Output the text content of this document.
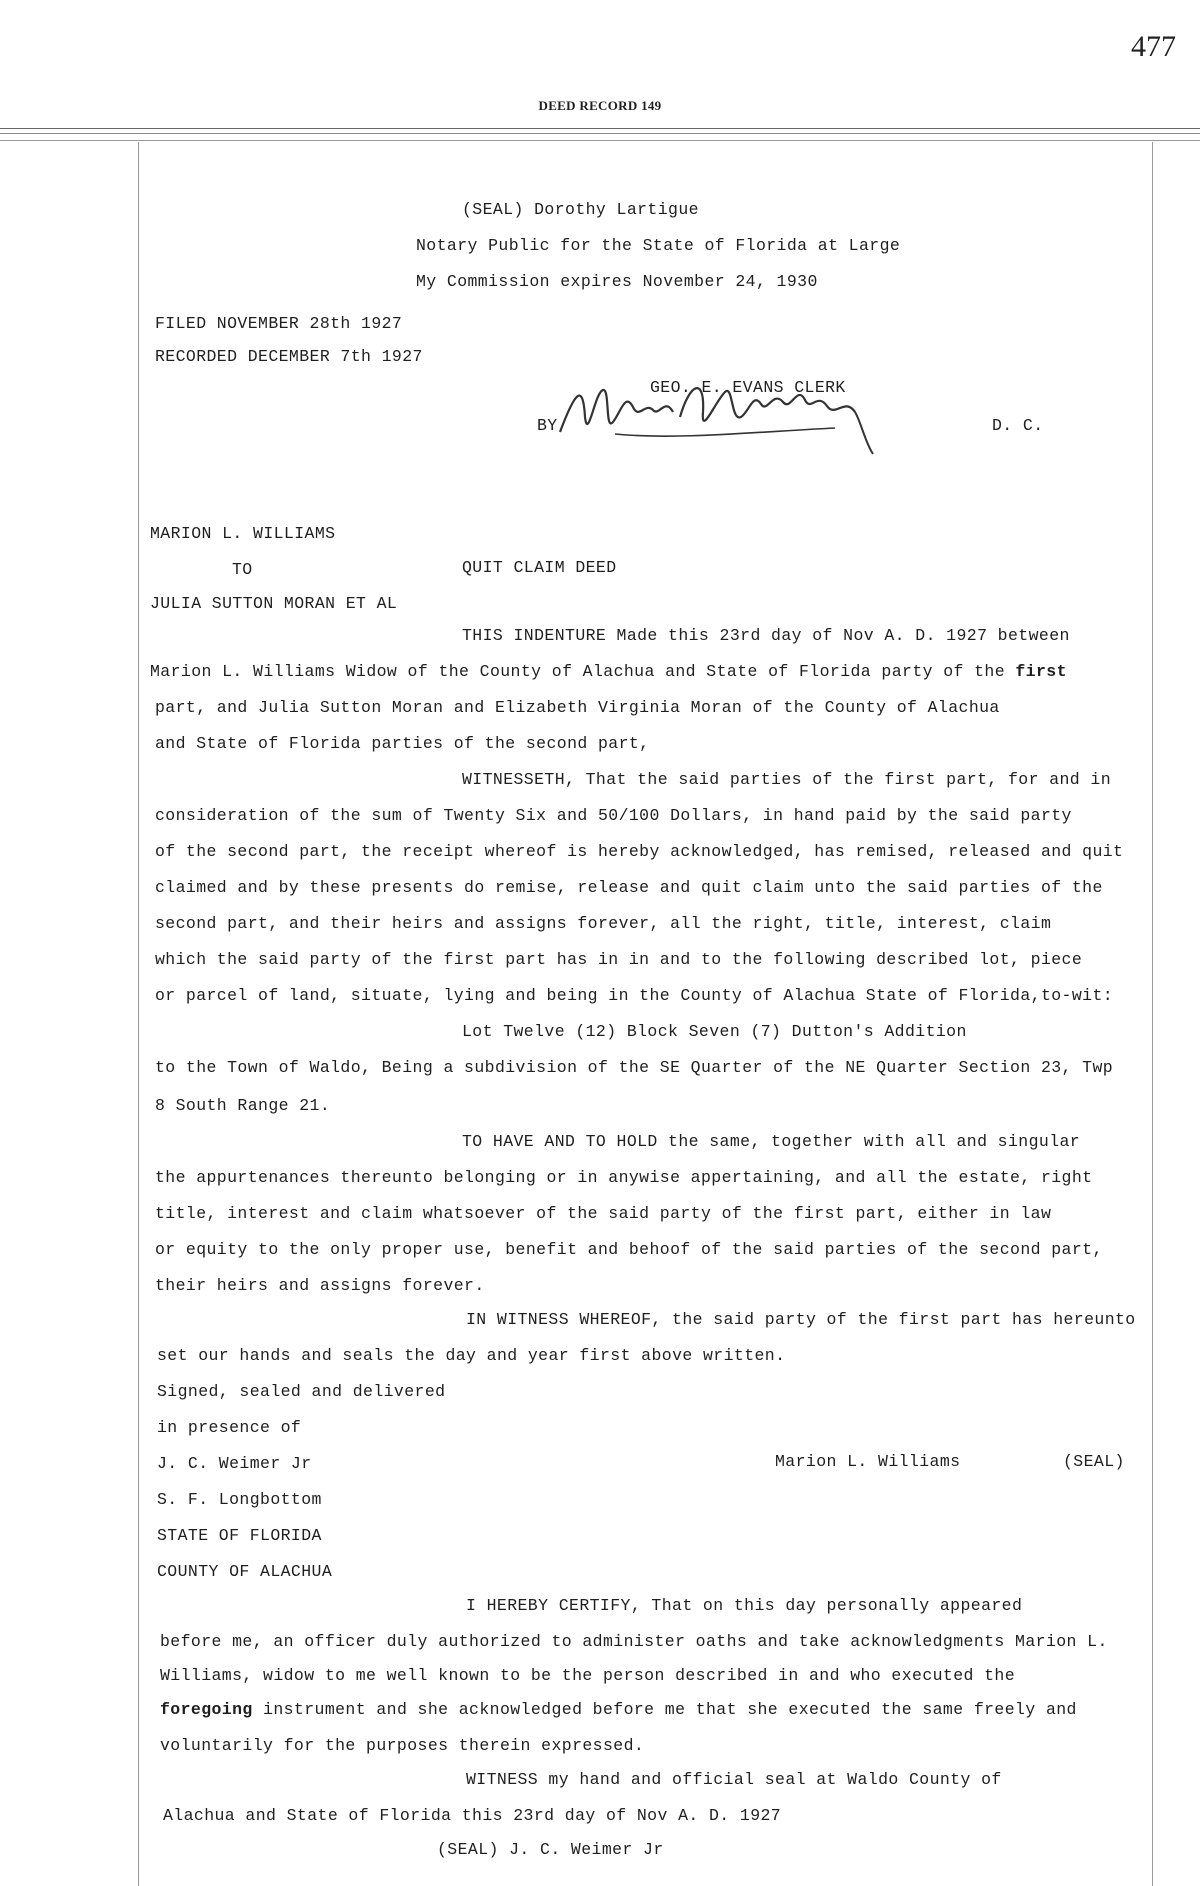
477
DEED RECORD 149
(SEAL) Dorothy Lartigue
Notary Public for the State of Florida at Large
My Commission expires November 24, 1930
FILED NOVEMBER 28th 1927
RECORDED DECEMBER 7th 1927
GEO. E. EVANS CLERK
BY	D. C.
MARION L. WILLIAMS
TO	QUIT CLAIM DEED
JULIA SUTTON MORAN ET AL
THIS INDENTURE Made this 23rd day of Nov A. D. 1927 between
Marion L. Williams Widow of the County of Alachua and State of Florida party of the first
part, and Julia Sutton Moran and Elizabeth Virginia Moran of the County of Alachua
and State of Florida parties of the second part,
WITNESSETH, That the said parties of the first part, for and in
consideration of the sum of Twenty Six and 50/100 Dollars, in hand paid by the said party
of the second part, the receipt whereof is hereby acknowledged, has remised, released and quit
claimed and by these presents do remise, release and quit claim unto the said parties of the
second part, and their heirs and assigns forever, all the right, title, interest, claim
which the said party of the first part has in in and to the following described lot, piece
or parcel of land, situate, lying and being in the County of Alachua State of Florida,to-wit:
Lot Twelve (12) Block Seven (7) Dutton's Addition
to the Town of Waldo, Being a subdivision of the SE Quarter of the NE Quarter Section 23, Twp
8 South Range 21.
TO HAVE AND TO HOLD the same, together with all and singular
the appurtenances thereunto belonging or in anywise appertaining, and all the estate, right
title, interest and claim whatsoever of the said party of the first part, either in law
or equity to the only proper use, benefit and behoof of the said parties of the second part,
their heirs and assigns forever.
IN WITNESS WHEREOF, the said party of the first part has hereunto
set our hands and seals the day and year first above written.
Signed, sealed and delivered
in presence of
J. C. Weimer Jr	Marion L. Williams	(SEAL)
S. F. Longbottom
STATE OF FLORIDA
COUNTY OF ALACHUA
I HEREBY CERTIFY, That on this day personally appeared
before me, an officer duly authorized to administer oaths and take acknowledgments Marion L.
Williams, widow to me well known to be the person described in and who executed the
foregoing instrument and she acknowledged before me that she executed the same freely and
voluntarily for the purposes therein expressed.
WITNESS my hand and official seal at Waldo County of
Alachua and State of Florida this 23rd day of Nov A. D. 1927
(SEAL) J. C. Weimer Jr
